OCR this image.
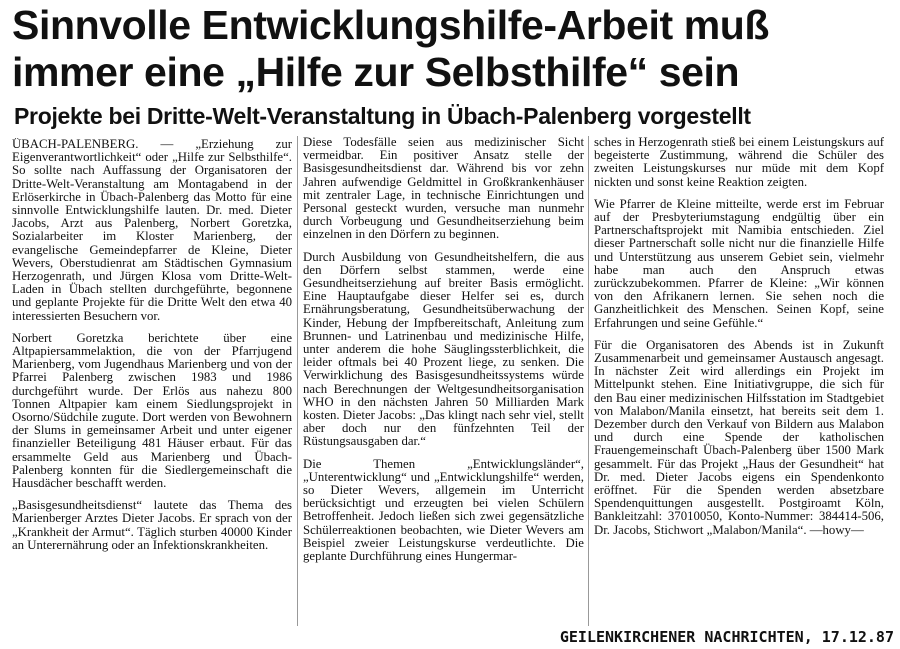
Sinnvolle Entwicklungshilfe-Arbeit muß
immer eine „Hilfe zur Selbsthilfe“ sein
Projekte bei Dritte-Welt-Veranstaltung in Übach-Palenberg vorgestellt

ÜBACH-PALENBERG. — „Erziehung zur Eigenverantwortlichkeit“ oder „Hilfe zur Selbsthilfe“. So sollte nach Auffassung der Organisatoren der Dritte-Welt-Veranstaltung am Montagabend in der Erlöserkirche in Übach-Palenberg das Motto für eine sinnvolle Entwicklungshilfe lauten. Dr. med. Dieter Jacobs, Arzt aus Palenberg, Norbert Goretzka, Sozialarbeiter im Kloster Marienberg, der evangelische Gemeindepfarrer de Kleine, Dieter Wevers, Oberstudienrat am Städtischen Gymnasium Herzogenrath, und Jürgen Klosa vom Dritte-Welt-Laden in Übach stellten durchgeführte, begonnene und geplante Projekte für die Dritte Welt den etwa 40 interessierten Besuchern vor.

Norbert Goretzka berichtete über eine Altpapiersammelaktion, die von der Pfarrjugend Marienberg, vom Jugendhaus Marienberg und von der Pfarrei Palenberg zwischen 1983 und 1986 durchgeführt wurde. Der Erlös aus nahezu 800 Tonnen Altpapier kam einem Siedlungsprojekt in Osorno/Südchile zugute. Dort werden von Bewohnern der Slums in gemeinsamer Arbeit und unter eigener finanzieller Beteiligung 481 Häuser erbaut. Für das ersammelte Geld aus Marienberg und Übach-Palenberg konnten für die Siedlergemeinschaft die Hausdächer beschafft werden.

„Basisgesundheitsdienst“ lautete das Thema des Marienberger Arztes Dieter Jacobs. Er sprach von der „Krankheit der Armut“. Täglich sturben 40000 Kinder an Unterernährung oder an Infektionskrankheiten.

Diese Todesfälle seien aus medizinischer Sicht vermeidbar. Ein positiver Ansatz stelle der Basisgesundheitsdienst dar. Während bis vor zehn Jahren aufwendige Geldmittel in Großkrankenhäuser mit zentraler Lage, in technische Einrichtungen und Personal gesteckt wurden, versuche man nunmehr durch Vorbeugung und Gesundheitserziehung beim einzelnen in den Dörfern zu beginnen.

Durch Ausbildung von Gesundheitshelfern, die aus den Dörfern selbst stammen, werde eine Gesundheitserziehung auf breiter Basis ermöglicht. Eine Hauptaufgabe dieser Helfer sei es, durch Ernährungsberatung, Gesundheitsüberwachung der Kinder, Hebung der Impfbereitschaft, Anleitung zum Brunnen- und Latrinenbau und medizinische Hilfe, unter anderem die hohe Säuglingssterblichkeit, die leider oftmals bei 40 Prozent liege, zu senken. Die Verwirklichung des Basisgesundheitssystems würde nach Berechnungen der Weltgesundheitsorganisation WHO in den nächsten Jahren 50 Milliarden Mark kosten. Dieter Jacobs: „Das klingt nach sehr viel, stellt aber doch nur den fünfzehnten Teil der Rüstungsausgaben dar.“

Die Themen „Entwicklungsländer“, „Unterentwicklung“ und „Entwicklungshilfe“ werden, so Dieter Wevers, allgemein im Unterricht berücksichtigt und erzeugten bei vielen Schülern Betroffenheit. Jedoch ließen sich zwei gegensätzliche Schülerreaktionen beobachten, wie Dieter Wevers am Beispiel zweier Leistungskurse verdeutlichte. Die geplante Durchführung eines Hungermar-

sches in Herzogenrath stieß bei einem Leistungskurs auf begeisterte Zustimmung, während die Schüler des zweiten Leistungskurses nur müde mit dem Kopf nickten und sonst keine Reaktion zeigten.

Wie Pfarrer de Kleine mitteilte, werde erst im Februar auf der Presbyteriumstagung endgültig über ein Partnerschaftsprojekt mit Namibia entschieden. Ziel dieser Partnerschaft solle nicht nur die finanzielle Hilfe und Unterstützung aus unserem Gebiet sein, vielmehr habe man auch den Anspruch etwas zurückzubekommen. Pfarrer de Kleine: „Wir können von den Afrikanern lernen. Sie sehen noch die Ganzheitlichkeit des Menschen. Seinen Kopf, seine Erfahrungen und seine Gefühle.“

Für die Organisatoren des Abends ist in Zukunft Zusammenarbeit und gemeinsamer Austausch angesagt. In nächster Zeit wird allerdings ein Projekt im Mittelpunkt stehen. Eine Initiativgruppe, die sich für den Bau einer medizinischen Hilfsstation im Stadtgebiet von Malabon/Manila einsetzt, hat bereits seit dem 1. Dezember durch den Verkauf von Bildern aus Malabon und durch eine Spende der katholischen Frauengemeinschaft Übach-Palenberg über 1500 Mark gesammelt. Für das Projekt „Haus der Gesundheit“ hat Dr. med. Dieter Jacobs eigens ein Spendenkonto eröffnet. Für die Spenden werden absetzbare Spendenquittungen ausgestellt. Postgiroamt Köln, Bankleitzahl: 37010050, Konto-Nummer: 384414-506, Dr. Jacobs, Stichwort „Malabon/Manila“. —howy—

GEILENKIRCHENER NACHRICHTEN, 17.12.87
